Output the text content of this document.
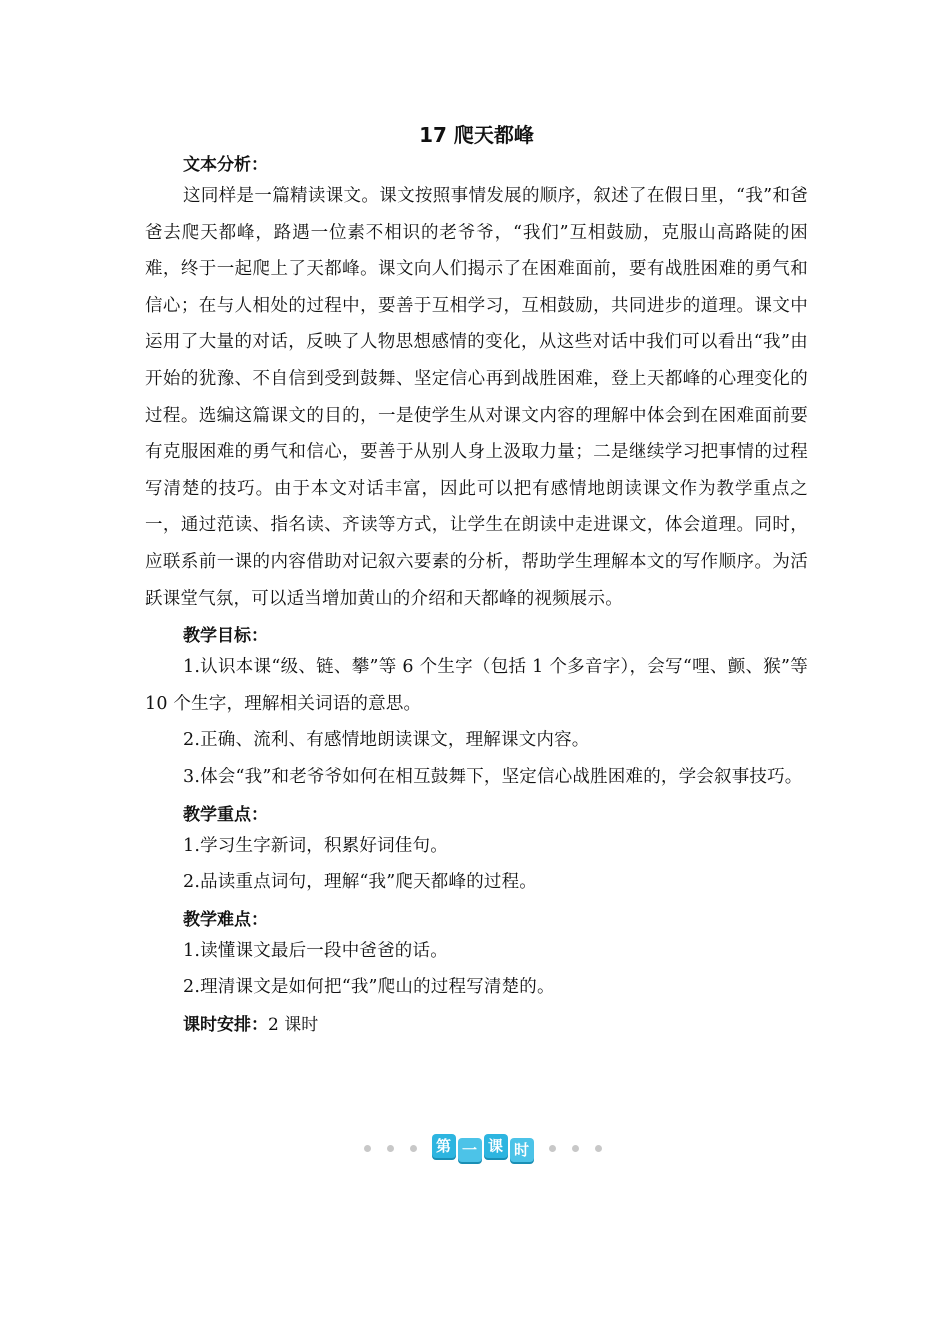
17 爬天都峰

文本分析：

这同样是一篇精读课文。课文按照事情发展的顺序，叙述了在假日里，“我”和爸爸去爬天都峰，路遇一位素不相识的老爷爷，“我们”互相鼓励，克服山高路陡的困难，终于一起爬上了天都峰。课文向人们揭示了在困难面前，要有战胜困难的勇气和信心；在与人相处的过程中，要善于互相学习，互相鼓励，共同进步的道理。课文中运用了大量的对话，反映了人物思想感情的变化，从这些对话中我们可以看出“我”由开始的犹豫、不自信到受到鼓舞、坚定信心再到战胜困难，登上天都峰的心理变化的过程。选编这篇课文的目的，一是使学生从对课文内容的理解中体会到在困难面前要有克服困难的勇气和信心，要善于从别人身上汲取力量；二是继续学习把事情的过程写清楚的技巧。由于本文对话丰富，因此可以把有感情地朗读课文作为教学重点之一，通过范读、指名读、齐读等方式，让学生在朗读中走进课文，体会道理。同时，应联系前一课的内容借助对记叙六要素的分析，帮助学生理解本文的写作顺序。为活跃课堂气氛，可以适当增加黄山的介绍和天都峰的视频展示。

教学目标：

1.认识本课“级、链、攀”等 6 个生字（包括 1 个多音字），会写“哩、颤、猴”等 10 个生字，理解相关词语的意思。

2.正确、流利、有感情地朗读课文，理解课文内容。

3.体会“我”和老爷爷如何在相互鼓舞下，坚定信心战胜困难的，学会叙事技巧。

教学重点：

1.学习生字新词，积累好词佳句。

2.品读重点词句，理解“我”爬天都峰的过程。

教学难点：

1.读懂课文最后一段中爸爸的话。

2.理清课文是如何把“我”爬山的过程写清楚的。

课时安排：2 课时

第 一 课 时
